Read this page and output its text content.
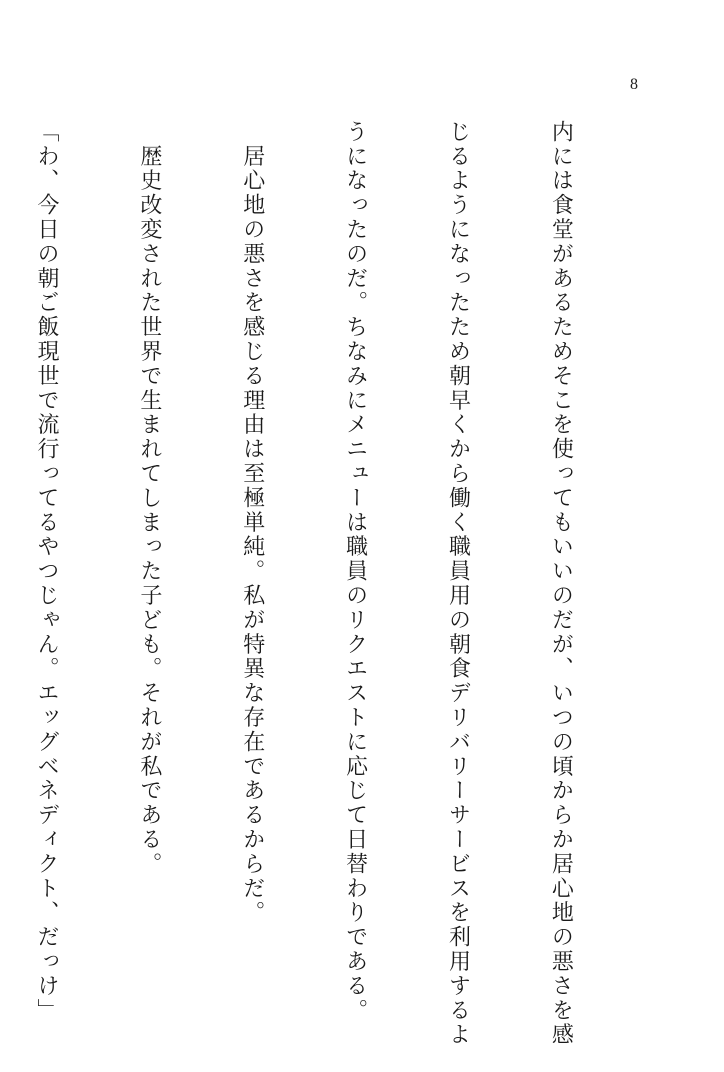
8

内には食堂があるためそこを使ってもいいのだが、いつの頃からか居心地の悪さを感

じるようになったため朝早くから働く職員用の朝食デリバリーサービスを利用するよ

うになったのだ。ちなみにメニューは職員のリクエストに応じて日替わりである。

　居心地の悪さを感じる理由は至極単純。私が特異な存在であるからだ。

　歴史改変された世界で生まれてしまった子ども。それが私である。

「わ、今日の朝ご飯現世で流行ってるやつじゃん。エッグベネディクト、だっけ」
